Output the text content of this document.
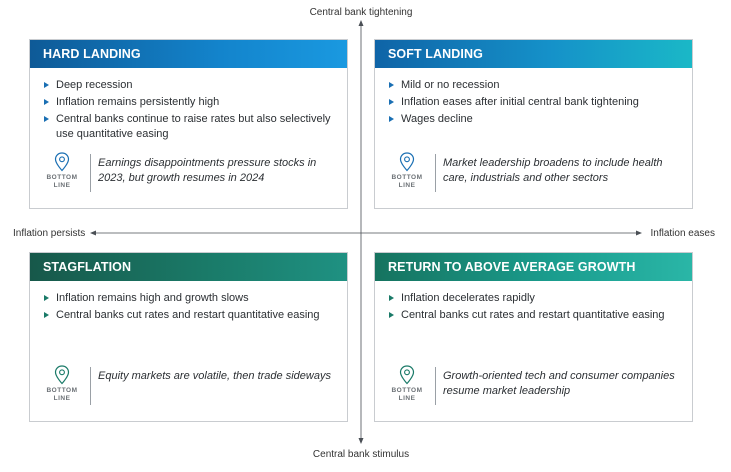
Central bank tightening
Central bank stimulus
Inflation persists	Inflation eases
HARD LANDING
Deep recession
Inflation remains persistently high
Central banks continue to raise rates but also selectively use quantitative easing
BOTTOM LINE
Earnings disappointments pressure stocks in 2023, but growth resumes in 2024
SOFT LANDING
Mild or no recession
Inflation eases after initial central bank tightening
Wages decline
BOTTOM LINE
Market leadership broadens to include health care, industrials and other sectors
STAGFLATION
Inflation remains high and growth slows
Central banks cut rates and restart quantitative easing
BOTTOM LINE
Equity markets are volatile, then trade sideways
RETURN TO ABOVE AVERAGE GROWTH
Inflation decelerates rapidly
Central banks cut rates and restart quantitative easing
BOTTOM LINE
Growth-oriented tech and consumer companies resume market leadership
